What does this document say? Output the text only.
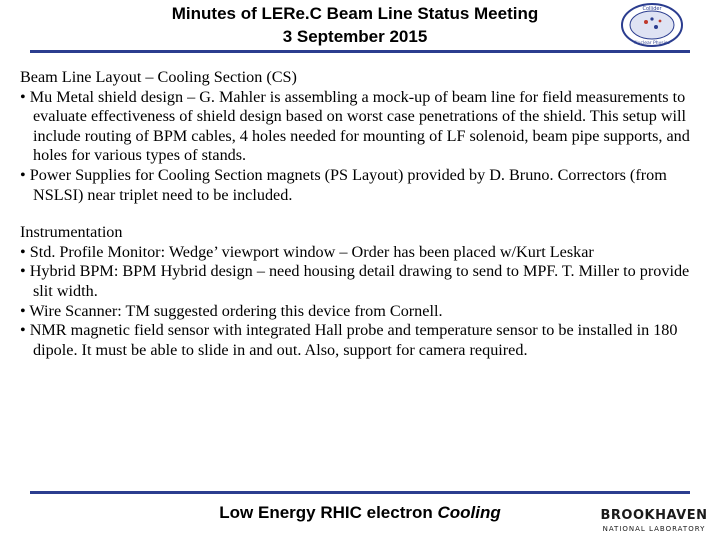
Minutes of LERe.C Beam Line Status Meeting
3 September 2015
Collider
Nuclear Physics

Beam Line Layout – Cooling Section (CS)

• Mu Metal shield design – G. Mahler is assembling a mock-up of beam line for field measurements to evaluate effectiveness of shield design based on worst case penetrations of the shield. This setup will include routing of BPM cables, 4 holes needed for mounting of LF solenoid, beam pipe supports, and holes for various types of stands.

• Power Supplies for Cooling Section magnets (PS Layout) provided by D. Bruno. Correctors (from NSLSI) near triplet need to be included.

Instrumentation

• Std. Profile Monitor: Wedge’ viewport window – Order has been placed w/Kurt Leskar

• Hybrid BPM: BPM Hybrid design – need housing detail drawing to send to MPF. T. Miller to provide slit width.

• Wire Scanner: TM suggested ordering this device from Cornell.

• NMR magnetic field sensor with integrated Hall probe and temperature sensor to be installed in 180 dipole. It must be able to slide in and out. Also, support for camera required.

Low Energy RHIC electron Cooling	BROOKHAVEN
NATIONAL LABORATORY
